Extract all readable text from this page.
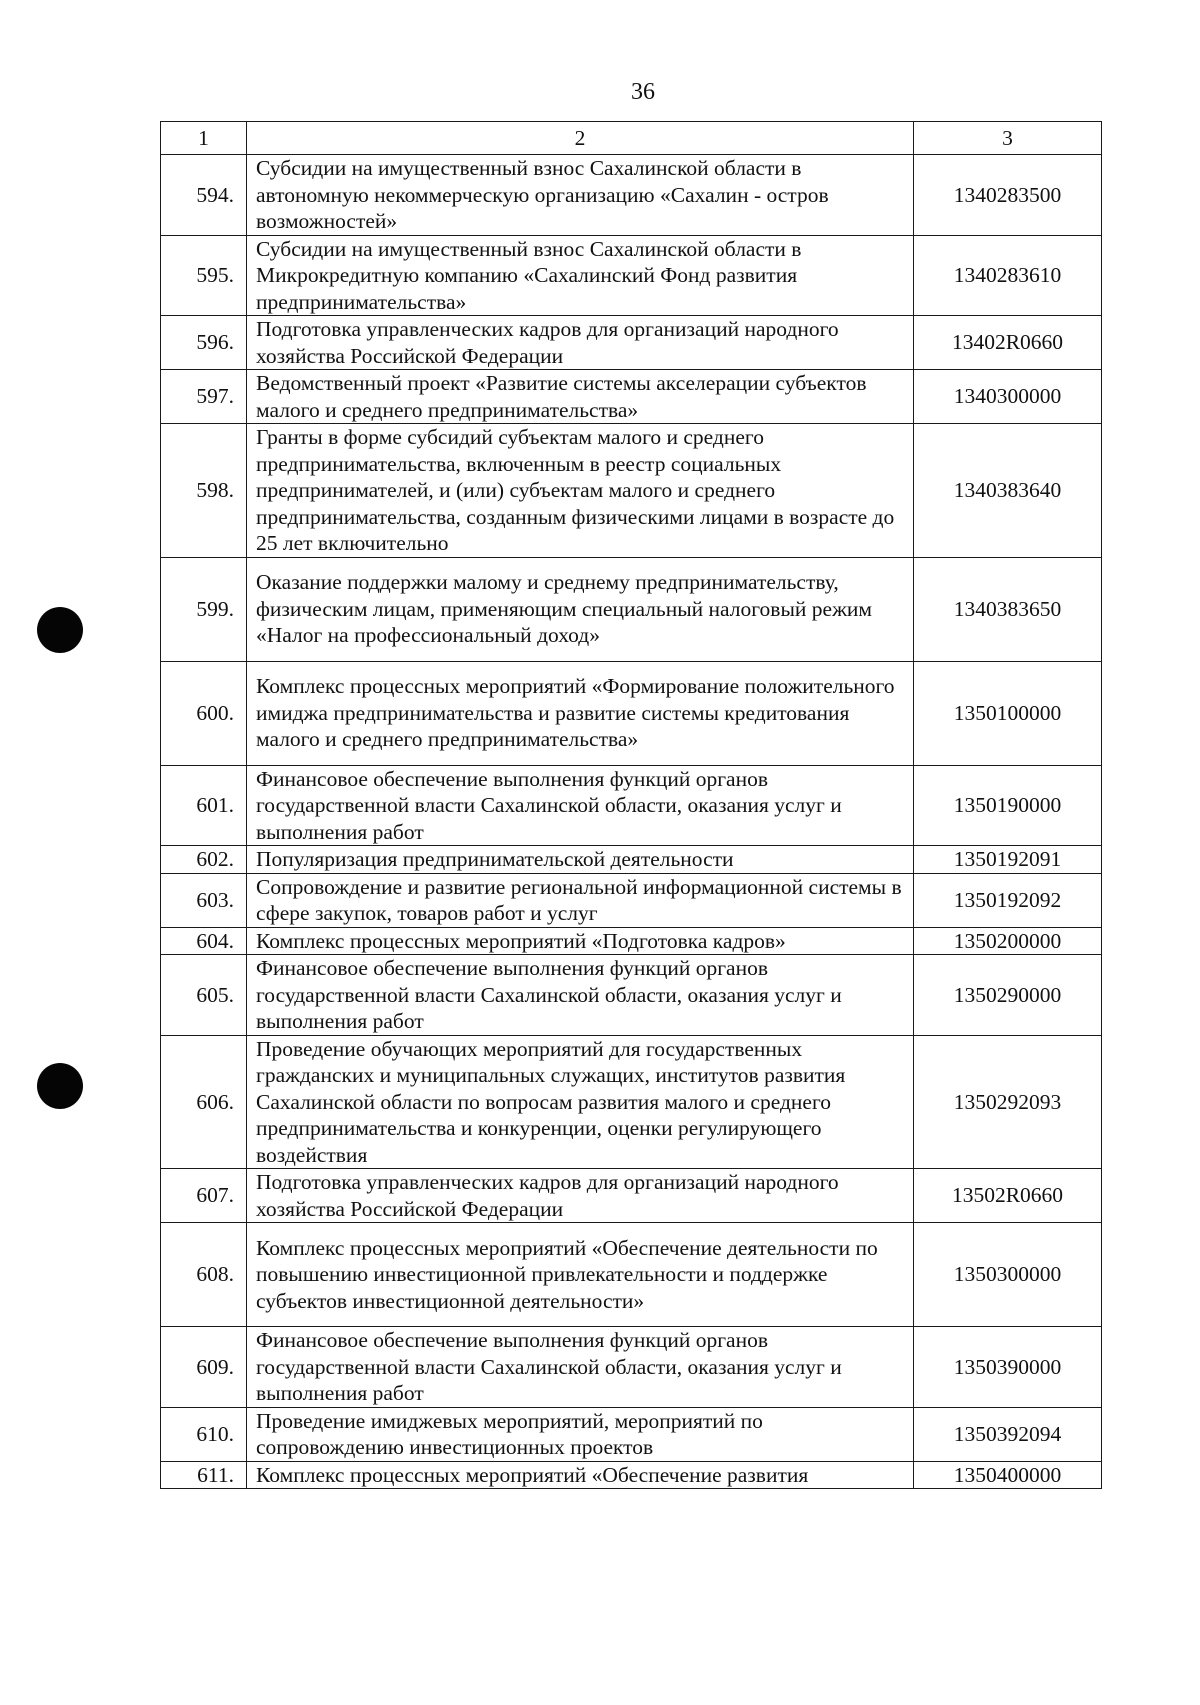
36
1	2	3
594.	Субсидии на имущественный взнос Сахалинской области в автономную некоммерческую организацию «Сахалин - остров возможностей»	1340283500
595.	Субсидии на имущественный взнос Сахалинской области в Микрокредитную компанию «Сахалинский Фонд развития предпринимательства»	1340283610
596.	Подготовка управленческих кадров для организаций народного хозяйства Российской Федерации	13402R0660
597.	Ведомственный проект «Развитие системы акселерации субъектов малого и среднего предпринимательства»	1340300000
598.	Гранты в форме субсидий субъектам малого и среднего предпринимательства, включенным в реестр социальных предпринимателей, и (или) субъектам малого и среднего предпринимательства, созданным физическими лицами в возрасте до 25 лет включительно	1340383640
599.	Оказание поддержки малому и среднему предпринимательству, физическим лицам, применяющим специальный налоговый режим «Налог на профессиональный доход»	1340383650
600.	Комплекс процессных мероприятий «Формирование положительного имиджа предпринимательства и развитие системы кредитования малого и среднего предпринимательства»	1350100000
601.	Финансовое обеспечение выполнения функций органов государственной власти Сахалинской области, оказания услуг и выполнения работ	1350190000
602.	Популяризация предпринимательской деятельности	1350192091
603.	Сопровождение и развитие региональной информационной системы в сфере закупок, товаров работ и услуг	1350192092
604.	Комплекс процессных мероприятий «Подготовка кадров»	1350200000
605.	Финансовое обеспечение выполнения функций органов государственной власти Сахалинской области, оказания услуг и выполнения работ	1350290000
606.	Проведение обучающих мероприятий для государственных гражданских и муниципальных служащих, институтов развития Сахалинской области по вопросам развития малого и среднего предпринимательства и конкуренции, оценки регулирующего воздействия	1350292093
607.	Подготовка управленческих кадров для организаций народного хозяйства Российской Федерации	13502R0660
608.	Комплекс процессных мероприятий «Обеспечение деятельности по повышению инвестиционной привлекательности и поддержке субъектов инвестиционной деятельности»	1350300000
609.	Финансовое обеспечение выполнения функций органов государственной власти Сахалинской области, оказания услуг и выполнения работ	1350390000
610.	Проведение имиджевых мероприятий, мероприятий по сопровождению инвестиционных проектов	1350392094
611.	Комплекс процессных мероприятий «Обеспечение развития	1350400000
